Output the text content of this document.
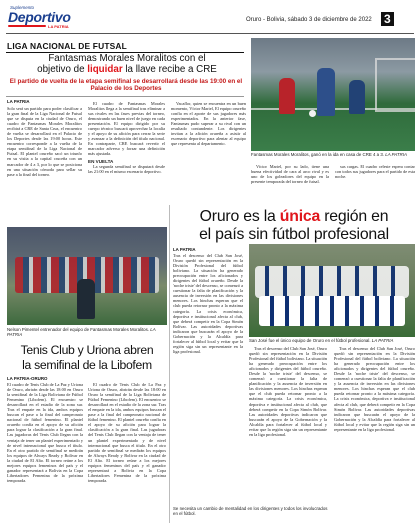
Suplemento
Deportivo
LA PATRIA
Oruro - Bolivia, sábado 3 de diciembre de 2022 3
LIGA NACIONAL DE FUTSAL
Fantasmas Morales Moralitos con el
objetivo de liquidar la llave recibe a CRE
El partido de vuelta de la etapa semifinal se desarrollará desde las 19:00 en el Palacio de los Deportes
LA PATRIA

Solo será un partido para poder clasificar a la gran final de la Liga Nacional de Futsal que se disputa en la ciudad de Oruro, el cuadro de Fantasmas Morales Moralitos recibirá a CRE de Santa Cruz, el encuentro de vuelta se desarrollará en el Palacio de los Deportes desde las 19:00 horas. Este encuentro corresponde a la vuelta de la etapa semifinal de la Liga Nacional de Futsal. El plantel orureño sacó un triunfo en su visita a la capital cruceña con un marcador de 4 a 3, por lo que se posiciona en una situación cómoda para sellar su pase a la final del torneo.

El cuadro de Fantasmas Morales Moralitos llega a la semifinal tras eliminar a sus rivales en las fases previas del torneo, demostrando un buen nivel de juego en cada presentación. El equipo dirigido por su cuerpo técnico buscará aprovechar la localía y el apoyo de su afición para cerrar la serie y avanzar a la definición del título nacional. En contraparte, CRE buscará revertir el marcador adverso y forzar una definición más ajustada.

EN VUELTA

La segunda semifinal se disputará desde las 21:00 en el mismo escenario deportivo.

Vacaflor, quien se encuentra en un buen momento, Víctor Mariel, El equipo orureño confía en el aporte de sus jugadores más experimentados. En la anterior fase, Fantasmas pudo superar a su rival con un resultado contundente. Los dirigentes invitan a la afición orureña a asistir al escenario deportivo para alentar al equipo que representa al departamento.

Fantasmas Morales Moralitos, ganó en la ida en casa de CRE 4 a 3. LA PATRIA

Víctor Mariel, por su lado, tiene una buena efectividad de cara al arco rival y es uno de los goleadores del equipo en la presente temporada del torneo de futsal.

sus cargas. El cuadro celeste espera contar con todos sus jugadores para el partido de esta noche.

Oruro es la única región en
el país sin fútbol profesional
LA PATRIA

Tras el descenso del Club San José, Oruro quedó sin representación en la División Profesional del fútbol boliviano. La situación ha generado preocupación entre los aficionados y dirigentes del fútbol orureño. Desde la 'noche triste' del descenso, se comenzó a cuestionar la falta de planificación y la ausencia de inversión en las divisiones menores. Los hinchas esperan que el club pueda retornar pronto a la máxima categoría. La crisis económica, deportiva e institucional afecta al club, que deberá competir en la Copa Simón Bolívar. Las autoridades deportivas indicaron que buscarán el apoyo de la Gobernación y la Alcaldía para fortalecer al fútbol local y evitar que la región siga sin un representante en la liga profesional.

San José fue el único equipo de Oruro en el fútbol profesional. LA PATRIA

Tras el descenso del Club San José, Oruro quedó sin representación en la División Profesional del fútbol boliviano. La situación ha generado preocupación entre los aficionados y dirigentes del fútbol orureño. Desde la 'noche triste' del descenso, se comenzó a cuestionar la falta de planificación y la ausencia de inversión en las divisiones menores. Los hinchas esperan que el club pueda retornar pronto a la máxima categoría. La crisis económica, deportiva e institucional afecta al club, que deberá competir en la Copa Simón Bolívar. Las autoridades deportivas indicaron que buscarán el apoyo de la Gobernación y la Alcaldía para fortalecer al fútbol local y evitar que la región siga sin un representante en la liga profesional.

Tras el descenso del Club San José, Oruro quedó sin representación en la División Profesional del fútbol boliviano. La situación ha generado preocupación entre los aficionados y dirigentes del fútbol orureño. Desde la 'noche triste' del descenso, se comenzó a cuestionar la falta de planificación y la ausencia de inversión en las divisiones menores. Los hinchas esperan que el club pueda retornar pronto a la máxima categoría. La crisis económica, deportiva e institucional afecta al club, que deberá competir en la Copa Simón Bolívar. Las autoridades deportivas indicaron que buscarán el apoyo de la Gobernación y la Alcaldía para fortalecer al fútbol local y evitar que la región siga sin un representante en la liga profesional.

Se necesita un cambio de mentalidad en los dirigentes y todos los involucrados en el fútbol.
Nelson Pimentel entrenador del equipo de Fantasmas Morales Moralitos. LA PATRIA
Tenis Club y Uriona abren
la semifinal de la Libofem
LA PATRIA-ORURO

El cuadro de Tenis Club de La Paz y Uriona de Oruro, abrirán desde las 18:00 en Oruro la semifinal de la Liga Boliviana de Fútbol Femenino (Libofem). El encuentro se desarrollará en el estadio de la zona sur. Tras el empate en la ida, ambos equipos buscan el pase a la final del campeonato nacional de fútbol femenino. El plantel orureño confía en el apoyo de su afición para lograr la clasificación a la gran final. Las jugadoras del Tenis Club llegan con la ventaja de tener un plantel experimentado y de nivel internacional que busca el título. En el otro partido de semifinal se medirán los equipos de Always Ready y Bolívar en la ciudad de El Alto. El torneo reúne a los mejores equipos femeninos del país y el ganador representará a Bolivia en la Copa Libertadores Femenina de la próxima temporada.

El cuadro de Tenis Club de La Paz y Uriona de Oruro, abrirán desde las 18:00 en Oruro la semifinal de la Liga Boliviana de Fútbol Femenino (Libofem). El encuentro se desarrollará en el estadio de la zona sur. Tras el empate en la ida, ambos equipos buscan el pase a la final del campeonato nacional de fútbol femenino. El plantel orureño confía en el apoyo de su afición para lograr la clasificación a la gran final. Las jugadoras del Tenis Club llegan con la ventaja de tener un plantel experimentado y de nivel internacional que busca el título. En el otro partido de semifinal se medirán los equipos de Always Ready y Bolívar en la ciudad de El Alto. El torneo reúne a los mejores equipos femeninos del país y el ganador representará a Bolivia en la Copa Libertadores Femenina de la próxima temporada.
